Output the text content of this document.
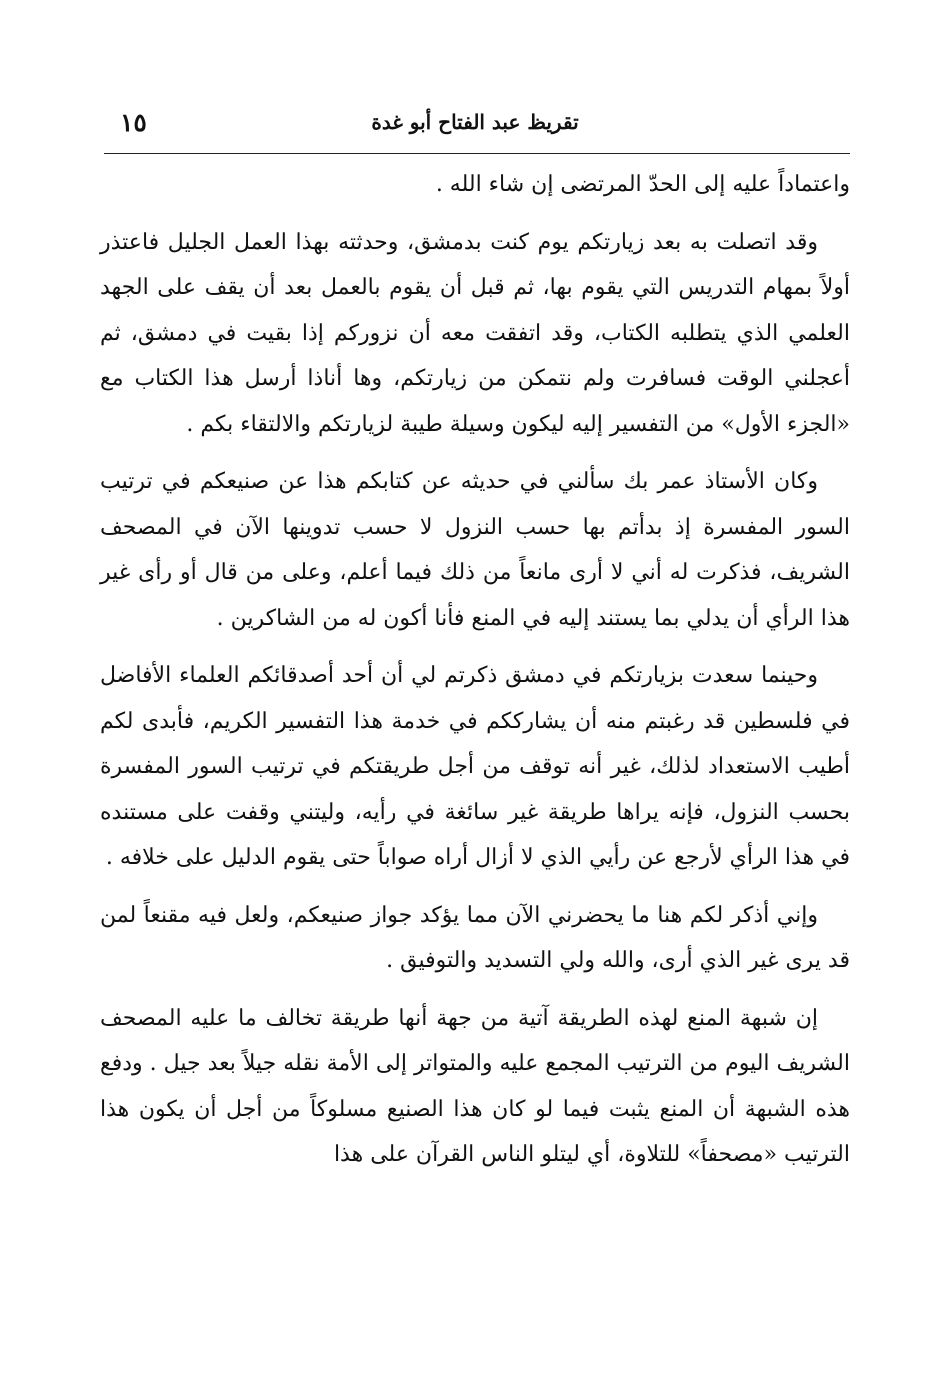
تقريظ عبد الفتاح أبو غدة
١٥

واعتماداً عليه إلى الحدّ المرتضى إن شاء الله .

وقد اتصلت به بعد زيارتكم يوم كنت بدمشق، وحدثته بهذا العمل الجليل فاعتذر أولاً بمهام التدريس التي يقوم بها، ثم قبل أن يقوم بالعمل بعد أن يقف على الجهد العلمي الذي يتطلبه الكتاب، وقد اتفقت معه أن نزوركم إذا بقيت في دمشق، ثم أعجلني الوقت فسافرت ولم نتمكن من زيارتكم، وها أناذا أرسل هذا الكتاب مع «الجزء الأول» من التفسير إليه ليكون وسيلة طيبة لزيارتكم والالتقاء بكم .

وكان الأستاذ عمر بك سألني في حديثه عن كتابكم هذا عن صنيعكم في ترتيب السور المفسرة إذ بدأتم بها حسب النزول لا حسب تدوينها الآن في المصحف الشريف، فذكرت له أني لا أرى مانعاً من ذلك فيما أعلم، وعلى من قال أو رأى غير هذا الرأي أن يدلي بما يستند إليه في المنع فأنا أكون له من الشاكرين .

وحينما سعدت بزيارتكم في دمشق ذكرتم لي أن أحد أصدقائكم العلماء الأفاضل في فلسطين قد رغبتم منه أن يشارككم في خدمة هذا التفسير الكريم، فأبدى لكم أطيب الاستعداد لذلك، غير أنه توقف من أجل طريقتكم في ترتيب السور المفسرة بحسب النزول، فإنه يراها طريقة غير سائغة في رأيه، وليتني وقفت على مستنده في هذا الرأي لأرجع عن رأيي الذي لا أزال أراه صواباً حتى يقوم الدليل على خلافه .

وإني أذكر لكم هنا ما يحضرني الآن مما يؤكد جواز صنيعكم، ولعل فيه مقنعاً لمن قد يرى غير الذي أرى، والله ولي التسديد والتوفيق .

إن شبهة المنع لهذه الطريقة آتية من جهة أنها طريقة تخالف ما عليه المصحف الشريف اليوم من الترتيب المجمع عليه والمتواتر إلى الأمة نقله جيلاً بعد جيل . ودفع هذه الشبهة أن المنع يثبت فيما لو كان هذا الصنيع مسلوكاً من أجل أن يكون هذا الترتيب «مصحفاً» للتلاوة، أي ليتلو الناس القرآن على هذا
